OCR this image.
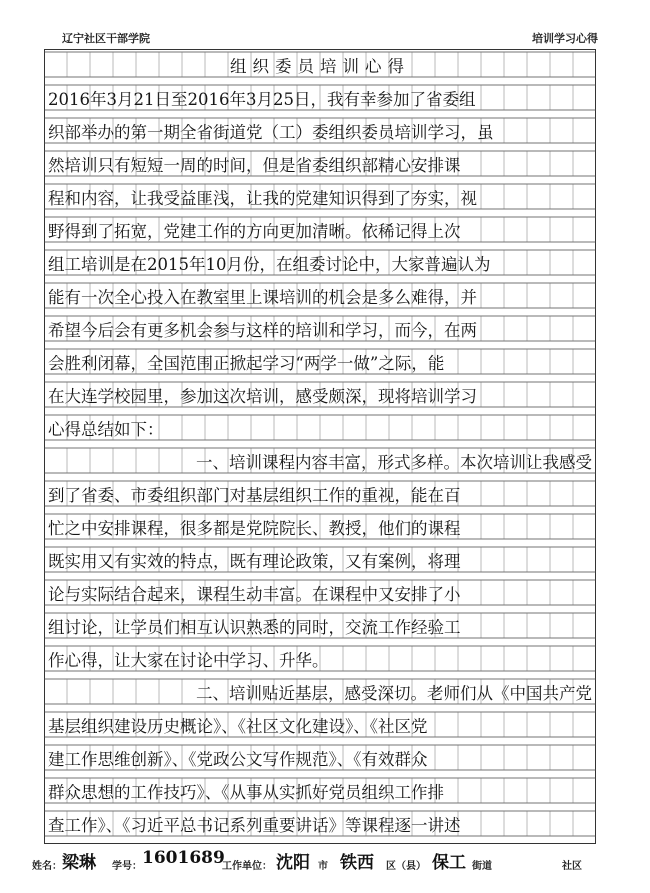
辽宁社区干部学院	培训学习心得
组织委员培训心得
2016年3月21日至2016年3月25日，我有幸参加了省委组
织部举办的第一期全省街道党（工）委组织委员培训学习，虽
然培训只有短短一周的时间，但是省委组织部精心安排课
程和内容，让我受益匪浅，让我的党建知识得到了夯实，视
野得到了拓宽，党建工作的方向更加清晰。依稀记得上次
组工培训是在2015年10月份，在组委讨论中，大家普遍认为
能有一次全心投入在教室里上课培训的机会是多么难得，并
希望今后会有更多机会参与这样的培训和学习，而今，在两
会胜利闭幕，全国范围正掀起学习“两学一做”之际，能
在大连学校园里，参加这次培训，感受颇深，现将培训学习
心得总结如下：
一、培训课程内容丰富，形式多样。本次培训让我感受
到了省委、市委组织部门对基层组织工作的重视，能在百
忙之中安排课程，很多都是党院院长、教授，他们的课程
既实用又有实效的特点，既有理论政策，又有案例，将理
论与实际结合起来，课程生动丰富。在课程中又安排了小
组讨论，让学员们相互认识熟悉的同时，交流工作经验工
作心得，让大家在讨论中学习、升华。
二、培训贴近基层，感受深切。老师们从《中国共产党
基层组织建设历史概论》、《社区文化建设》、《社区党
建工作思维创新》、《党政公文写作规范》、《有效群众
群众思想的工作技巧》、《从事从实抓好党员组织工作排
查工作》、《习近平总书记系列重要讲话》等课程逐一讲述
姓名： 梁琳 学号： 1601689
工作单位： 沈阳 市 铁西 区（县） 保工 街道	社区
